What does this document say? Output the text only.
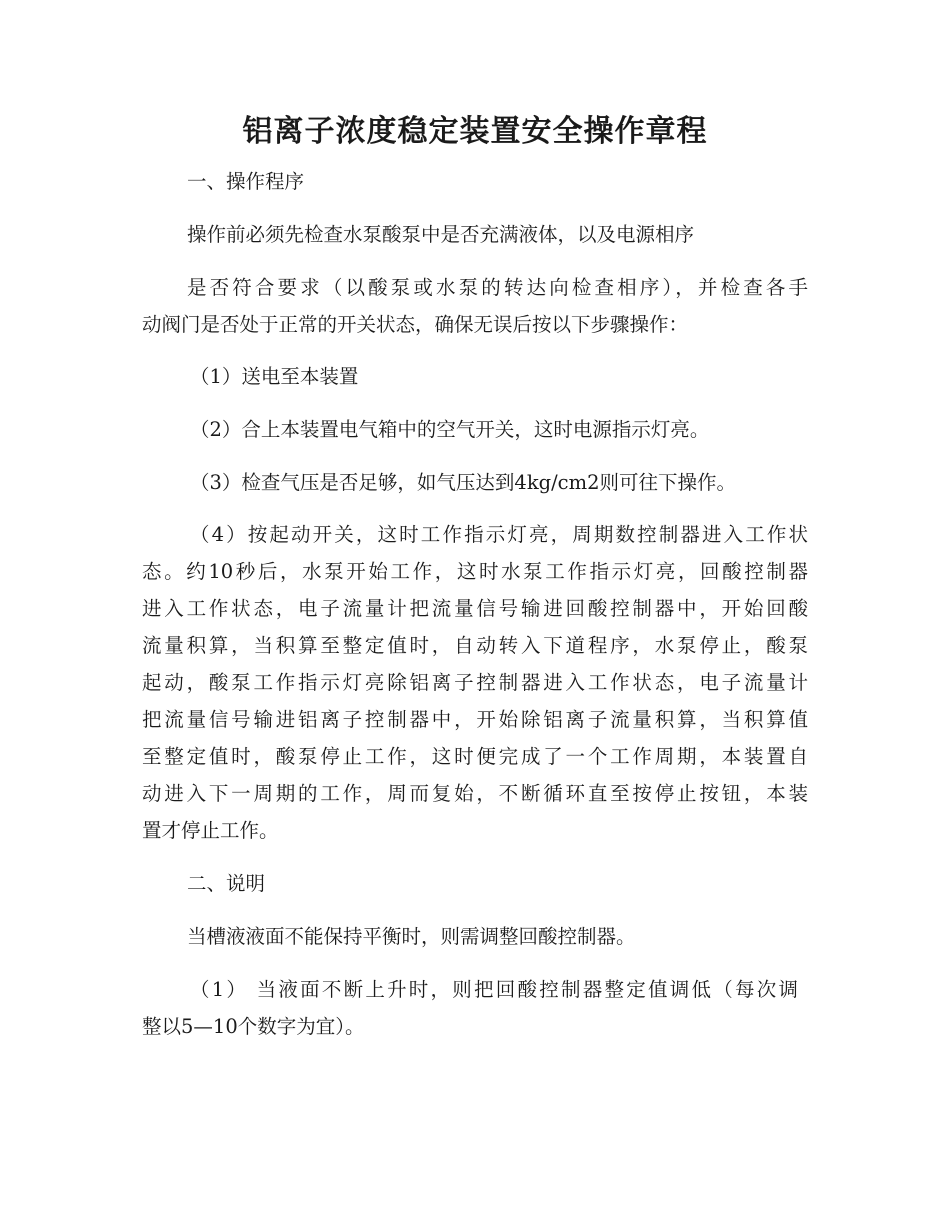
铝离子浓度稳定装置安全操作章程

一、操作程序

操作前必须先检查水泵酸泵中是否充满液体，以及电源相序

是否符合要求（以酸泵或水泵的转达向检查相序），并检查各手

动阀门是否处于正常的开关状态，确保无误后按以下步骤操作：

（1）送电至本装置

（2）合上本装置电气箱中的空气开关，这时电源指示灯亮。

（3）检查气压是否足够，如气压达到4kg/cm2则可往下操作。

（4）按起动开关，这时工作指示灯亮，周期数控制器进入工作状

态。约10秒后，水泵开始工作，这时水泵工作指示灯亮，回酸控制器

进入工作状态，电子流量计把流量信号输进回酸控制器中，开始回酸

流量积算，当积算至整定值时，自动转入下道程序，水泵停止，酸泵

起动，酸泵工作指示灯亮除铝离子控制器进入工作状态，电子流量计

把流量信号输进铝离子控制器中，开始除铝离子流量积算，当积算值

至整定值时，酸泵停止工作，这时便完成了一个工作周期，本装置自

动进入下一周期的工作，周而复始，不断循环直至按停止按钮，本装

置才停止工作。

二、说明

当槽液液面不能保持平衡时，则需调整回酸控制器。

（1） 当液面不断上升时，则把回酸控制器整定值调低（每次调

整以5—10个数字为宜）。
